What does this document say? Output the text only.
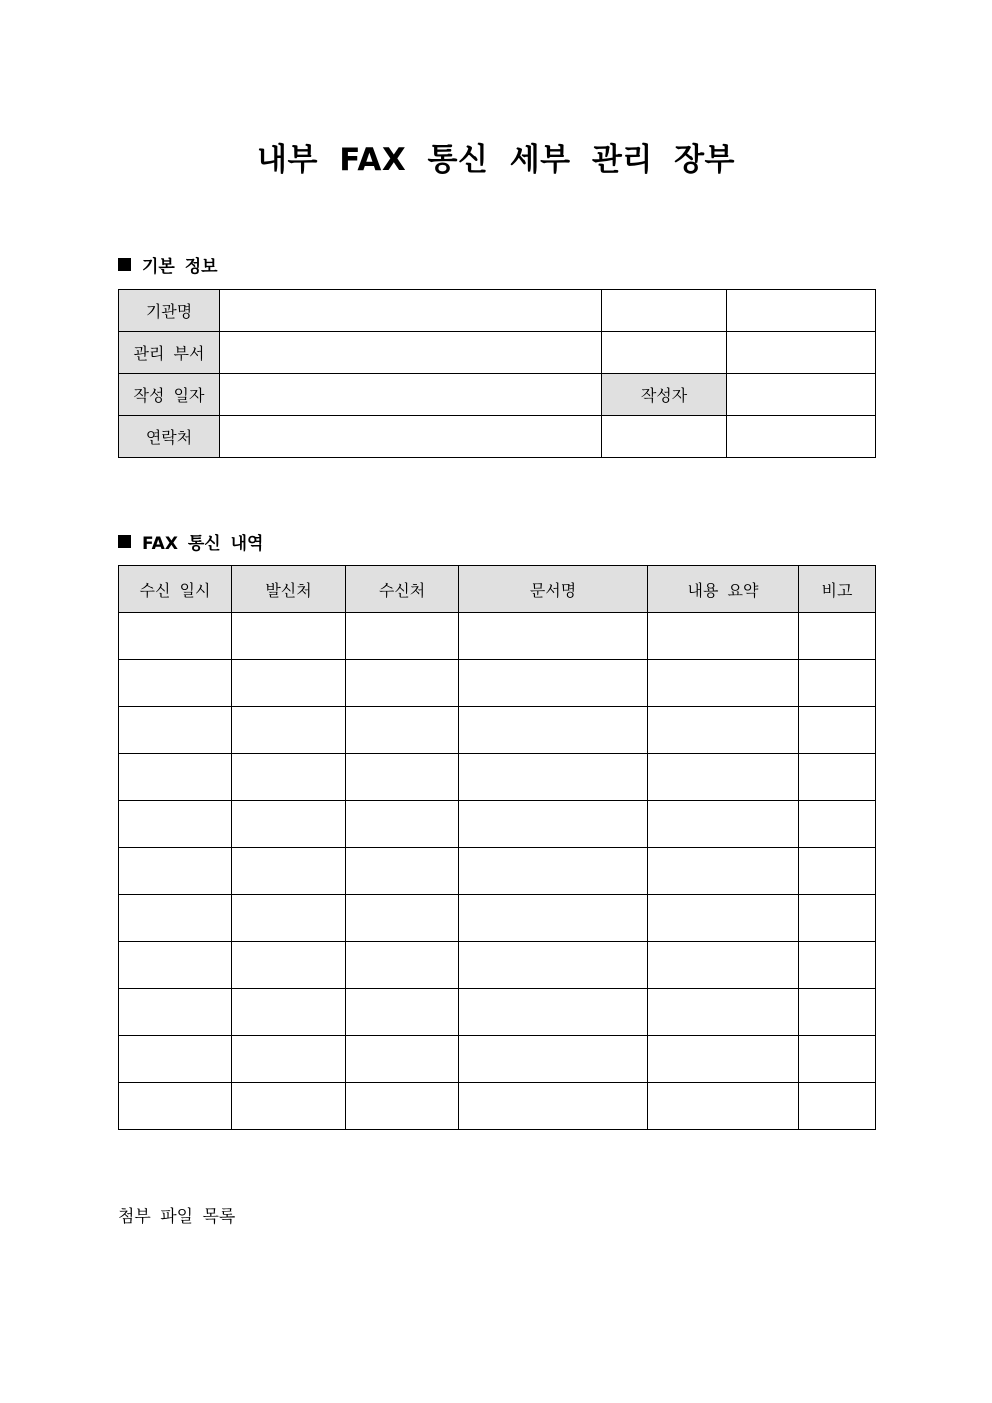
내부 FAX 통신 세부 관리 장부
기본 정보
기관명			
관리 부서			
작성 일자		작성자	
연락처			
FAX 통신 내역
수신 일시	발신처	수신처	문서명	내용 요약	비고

첨부 파일 목록
